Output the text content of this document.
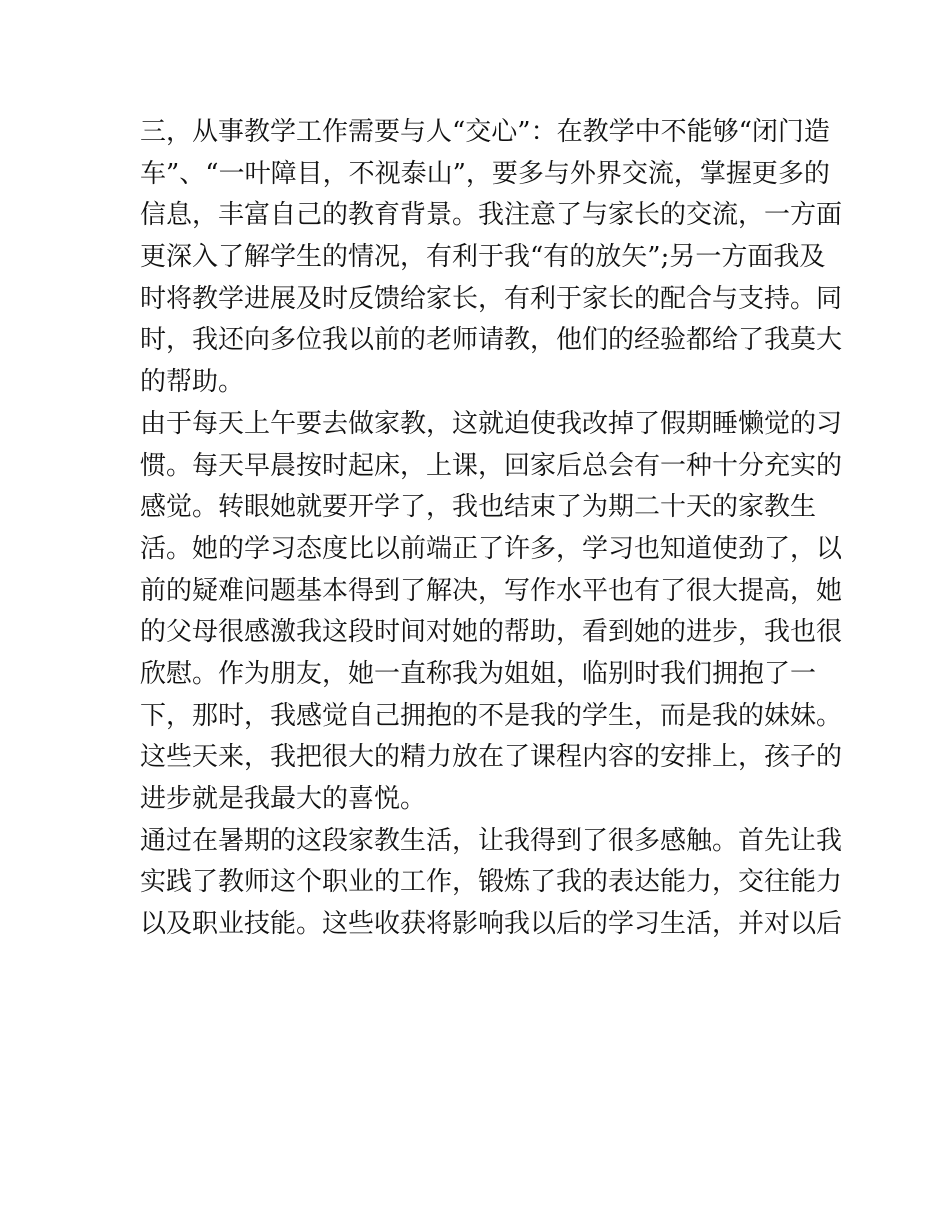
三，从事教学工作需要与人“交心”：在教学中不能够“闭门造
车”、“一叶障目，不视泰山”，要多与外界交流，掌握更多的
信息，丰富自己的教育背景。我注意了与家长的交流，一方面
更深入了解学生的情况，有利于我“有的放矢”;另一方面我及
时将教学进展及时反馈给家长，有利于家长的配合与支持。同
时，我还向多位我以前的老师请教，他们的经验都给了我莫大
的帮助。
由于每天上午要去做家教，这就迫使我改掉了假期睡懒觉的习
惯。每天早晨按时起床，上课，回家后总会有一种十分充实的
感觉。转眼她就要开学了，我也结束了为期二十天的家教生
活。她的学习态度比以前端正了许多，学习也知道使劲了，以
前的疑难问题基本得到了解决，写作水平也有了很大提高，她
的父母很感激我这段时间对她的帮助，看到她的进步，我也很
欣慰。作为朋友，她一直称我为姐姐，临别时我们拥抱了一
下，那时，我感觉自己拥抱的不是我的学生，而是我的妹妹。
这些天来，我把很大的精力放在了课程内容的安排上，孩子的
进步就是我最大的喜悦。
通过在暑期的这段家教生活，让我得到了很多感触。首先让我
实践了教师这个职业的工作，锻炼了我的表达能力，交往能力
以及职业技能。这些收获将影响我以后的学习生活，并对以后
